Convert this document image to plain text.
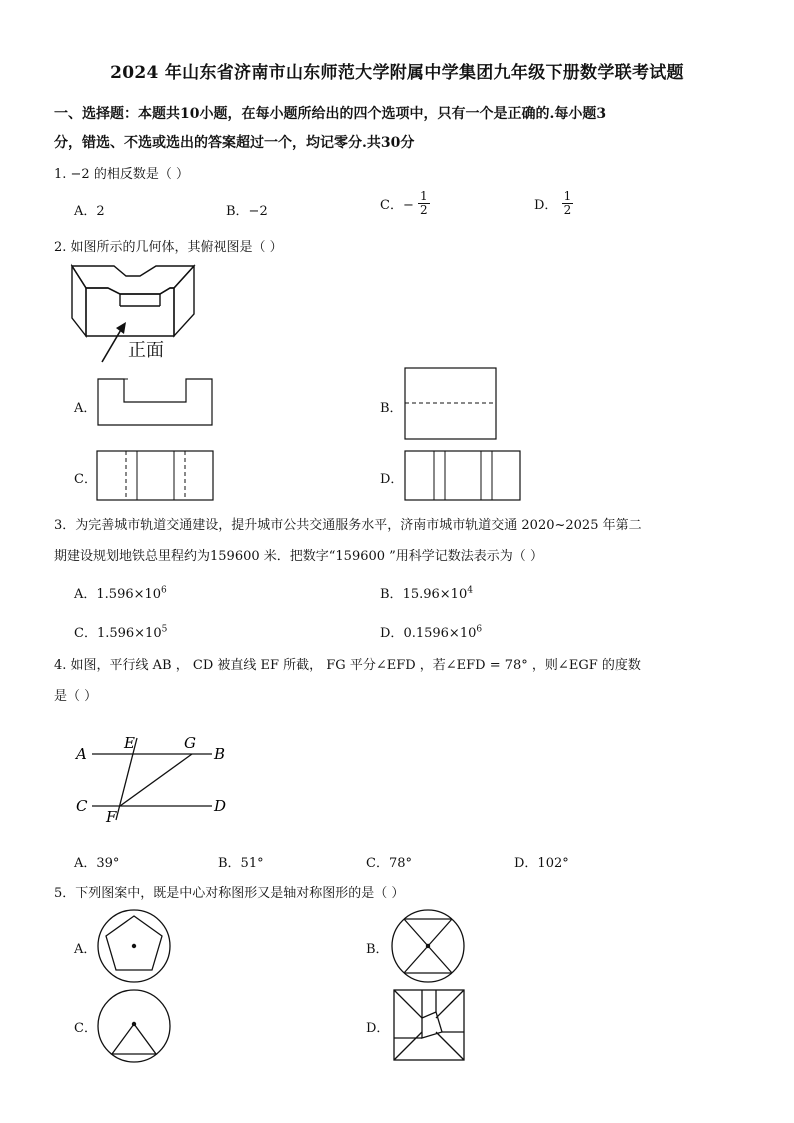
2024 年山东省济南市山东师范大学附属中学集团九年级下册数学联考试题
一、选择题：本题共10小题，在每小题所给出的四个选项中，只有一个是正确的.每小题3
分，错选、不选或选出的答案超过一个，均记零分.共30分
1. −2 的相反数是（ ）
A．2	B．−2	C．− $\frac{1}{2}$	D． $\frac{1}{2}$
2. 如图所示的几何体，其俯视图是（ ）
正面
A．	B．
C．	D．
3．为完善城市轨道交通建设，提升城市公共交通服务水平，济南市城市轨道交通 2020~2025 年第二
期建设规划地铁总里程约为159600 米．把数字“159600 ”用科学记数法表示为（ ）
A．$1.596\times 10^6$	B．$15.96\times 10^4$
C．$1.596\times 10^5$	D．$0.1596\times 10^6$
4. 如图，平行线 AB ， CD 被直线 EF 所截， FG 平分∠EFD ，若∠EFD = 78° ，则∠EGF 的度数
是（ ）
A
E	G
B
C
F
D
A．39°	B．51°	C．78°	D．102°
5．下列图案中，既是中心对称图形又是轴对称图形的是（ ）
A．	B．
C．	D．
